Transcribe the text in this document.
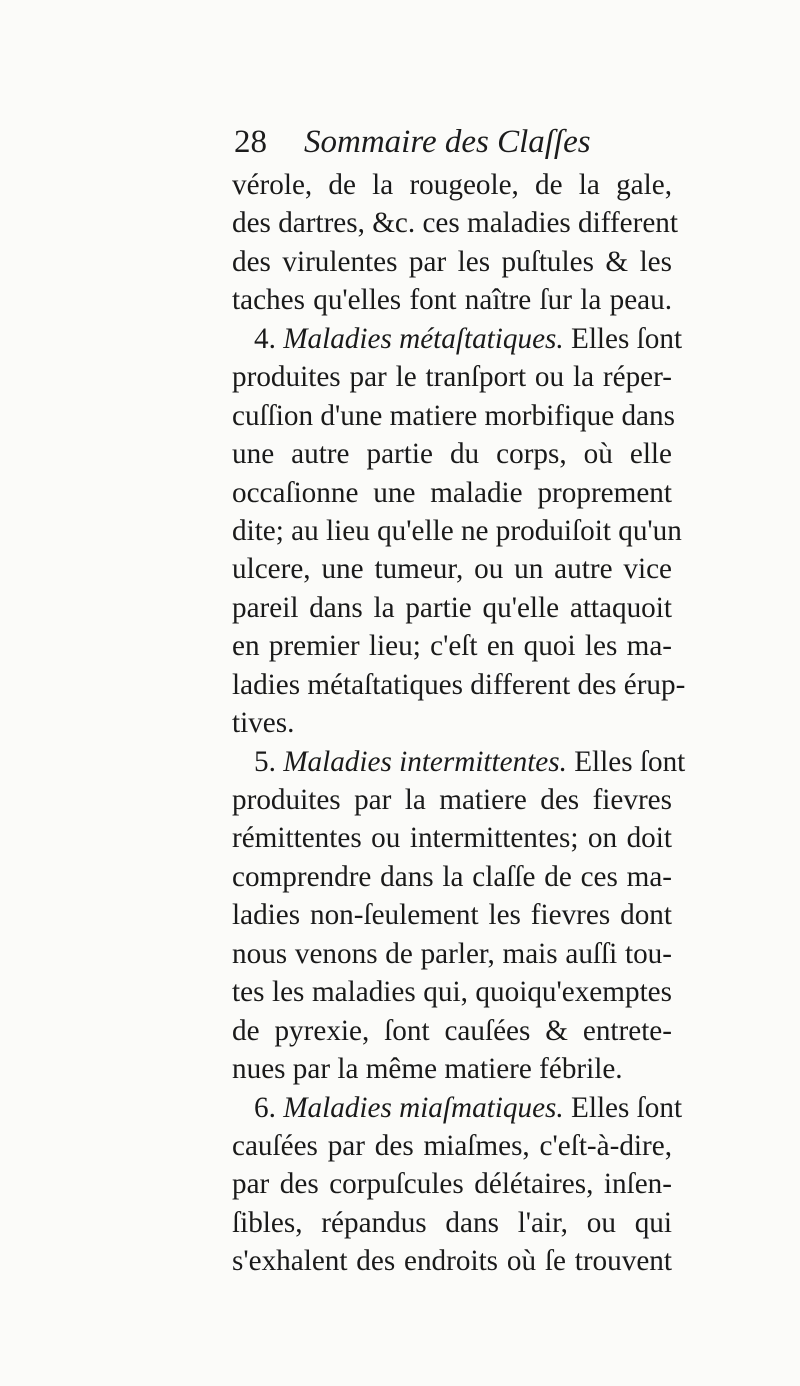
28 Sommaire des Claſſes
vérole, de la rougeole, de la gale,
des dartres, &c. ces maladies different
des virulentes par les puſtules & les
taches qu'elles font naître ſur la peau.
4. Maladies métaſtatiques. Elles ſont
produites par le tranſport ou la réper-
cuſſion d'une matiere morbifique dans
une autre partie du corps, où elle
occaſionne une maladie proprement
dite; au lieu qu'elle ne produiſoit qu'un
ulcere, une tumeur, ou un autre vice
pareil dans la partie qu'elle attaquoit
en premier lieu; c'eſt en quoi les ma-
ladies métaſtatiques different des érup-
tives.
5. Maladies intermittentes. Elles ſont
produites par la matiere des fievres
rémittentes ou intermittentes; on doit
comprendre dans la claſſe de ces ma-
ladies non-ſeulement les fievres dont
nous venons de parler, mais auſſi tou-
tes les maladies qui, quoiqu'exemptes
de pyrexie, ſont cauſées & entrete-
nues par la même matiere fébrile.
6. Maladies miaſmatiques. Elles ſont
cauſées par des miaſmes, c'eſt-à-dire,
par des corpuſcules délétaires, inſen-
ſibles, répandus dans l'air, ou qui
s'exhalent des endroits où ſe trouvent
